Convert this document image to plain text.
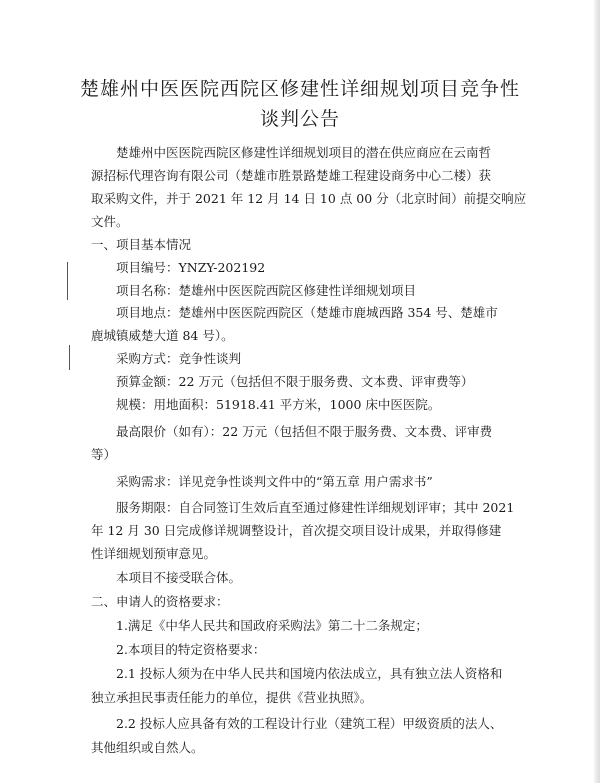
楚雄州中医医院西院区修建性详细规划项目竞争性
谈判公告
楚雄州中医医院西院区修建性详细规划项目的潜在供应商应在云南哲
源招标代理咨询有限公司（楚雄市胜景路楚雄工程建设商务中心二楼）获
取采购文件，并于 2021 年 12 月 14 日 10 点 00 分（北京时间）前提交响应
文件。
一、项目基本情况
项目编号：YNZY-202192
项目名称：楚雄州中医医院西院区修建性详细规划项目
项目地点：楚雄州中医医院西院区（楚雄市鹿城西路 354 号、楚雄市
鹿城镇威楚大道 84 号）。
采购方式：竞争性谈判
预算金额：22 万元（包括但不限于服务费、文本费、评审费等）
规模：用地面积：51918.41 平方米，1000 床中医医院。
最高限价（如有）：22 万元（包括但不限于服务费、文本费、评审费
等）
采购需求：详见竞争性谈判文件中的“第五章 用户需求书”
服务期限：自合同签订生效后直至通过修建性详细规划评审；其中 2021
年 12 月 30 日完成修详规调整设计，首次提交项目设计成果，并取得修建
性详细规划预审意见。
本项目不接受联合体。
二、申请人的资格要求：
1.满足《中华人民共和国政府采购法》第二十二条规定；
2.本项目的特定资格要求：
2.1 投标人须为在中华人民共和国境内依法成立，具有独立法人资格和
独立承担民事责任能力的单位，提供《营业执照》。
2.2 投标人应具备有效的工程设计行业（建筑工程）甲级资质的法人、
其他组织或自然人。
